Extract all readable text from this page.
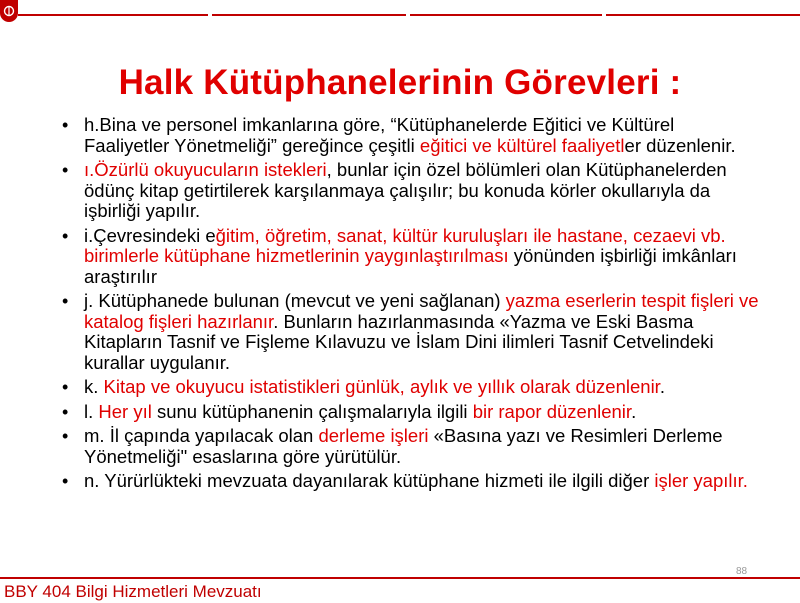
Halk Kütüphanelerinin Görevleri :
• h.Bina ve personel imkanlarına göre, “Kütüphanelerde Eğitici ve Kültürel Faaliyetler Yönetmeliği” gereğince çeşitli eğitici ve kültürel faaliyetler düzenlenir.
• ı.Özürlü okuyucuların istekleri, bunlar için özel bölümleri olan Kütüphanelerden ödünç kitap getirtilerek karşılanmaya çalışılır; bu konuda körler okullarıyla da işbirliği yapılır.
• i.Çevresindeki eğitim, öğretim, sanat, kültür kuruluşları ile hastane, cezaevi vb. birimlerle kütüphane hizmetlerinin yaygınlaştırılması yönünden işbirliği imkânları araştırılır
• j. Kütüphanede bulunan (mevcut ve yeni sağlanan) yazma eserlerin tespit fişleri ve katalog fişleri hazırlanır. Bunların hazırlanmasında «Yazma ve Eski Basma Kitapların Tasnif ve Fişleme Kılavuzu ve İslam Dini ilimleri Tasnif Cetvelindeki kurallar uygulanır.
• k. Kitap ve okuyucu istatistikleri günlük, aylık ve yıllık olarak düzenlenir.
• l. Her yıl sunu kütüphanenin çalışmalarıyla ilgili bir rapor düzenlenir.
• m. İl çapında yapılacak olan derleme işleri «Basına yazı ve Resimleri Derleme Yönetmeliği" esaslarına göre yürütülür.
• n. Yürürlükteki mevzuata dayanılarak kütüphane hizmeti ile ilgili diğer işler yapılır.
88
BBY 404 Bilgi Hizmetleri Mevzuatı
